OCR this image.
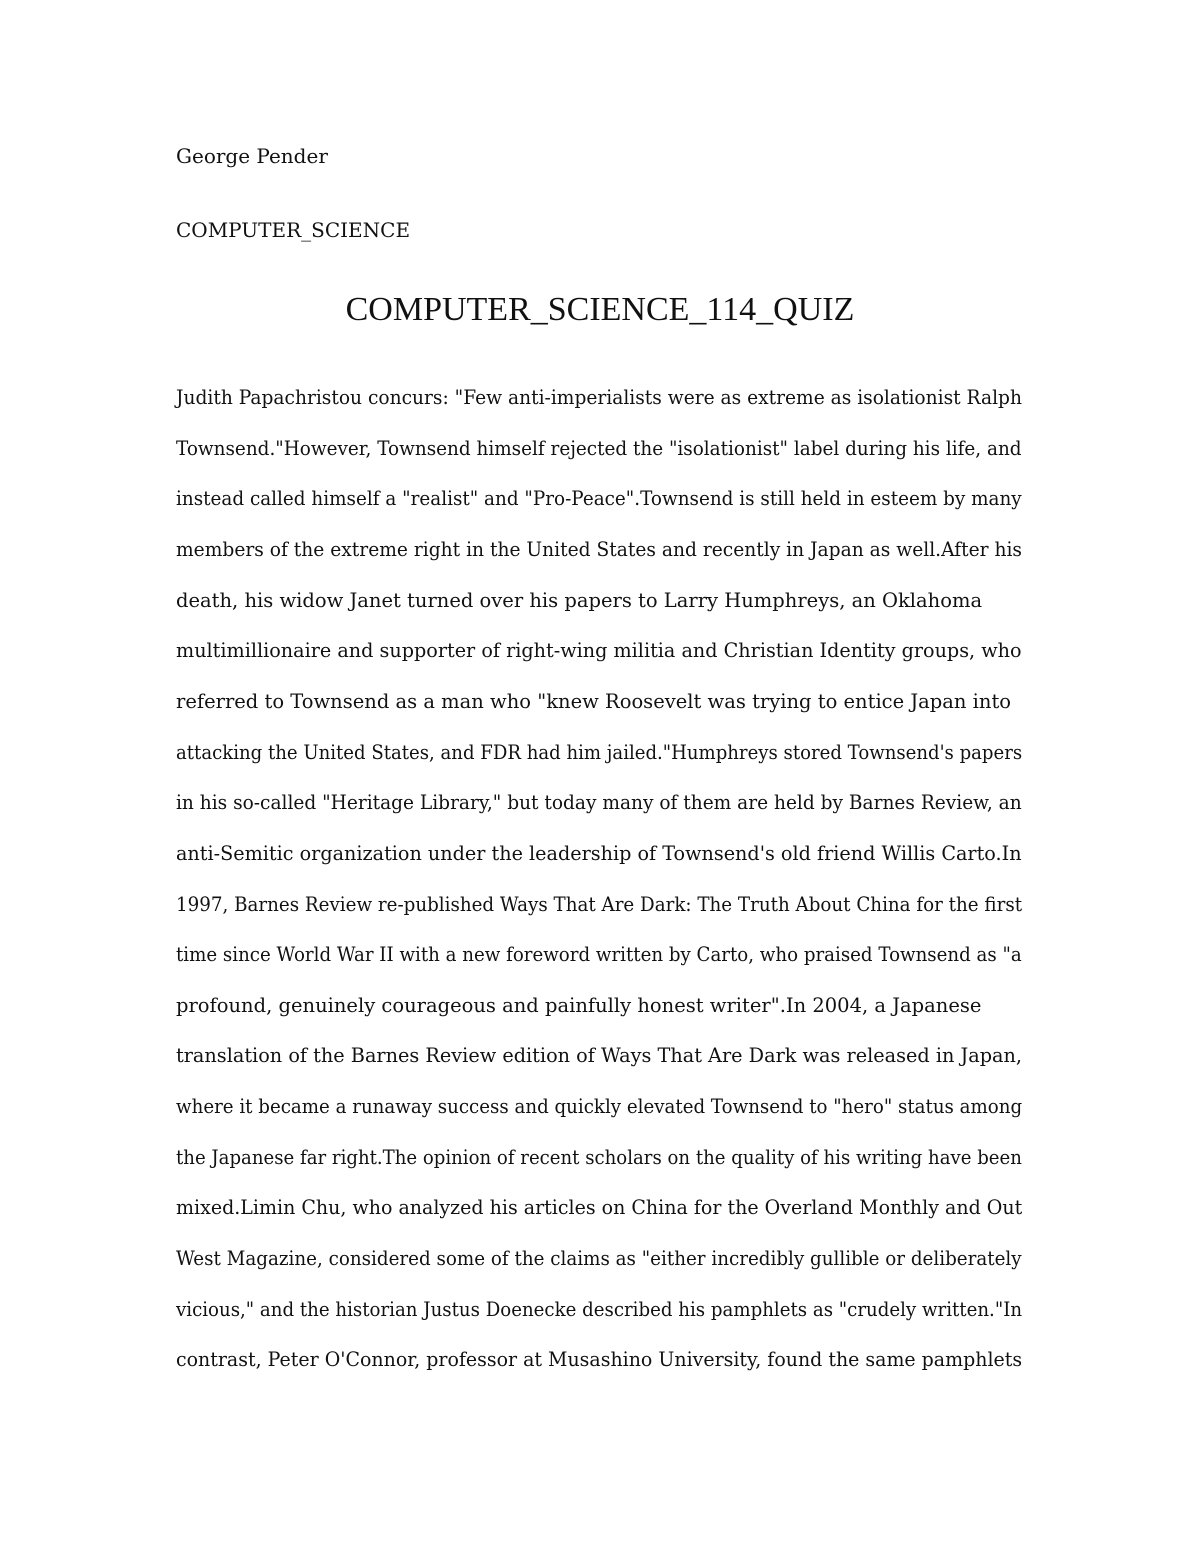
George Pender
COMPUTER_SCIENCE
COMPUTER_SCIENCE_114_QUIZ
Judith Papachristou concurs: "Few anti-imperialists were as extreme as isolationist Ralph
Townsend."However, Townsend himself rejected the "isolationist" label during his life, and
instead called himself a "realist" and "Pro-Peace".Townsend is still held in esteem by many
members of the extreme right in the United States and recently in Japan as well.After his
death, his widow Janet turned over his papers to Larry Humphreys, an Oklahoma
multimillionaire and supporter of right-wing militia and Christian Identity groups, who
referred to Townsend as a man who "knew Roosevelt was trying to entice Japan into
attacking the United States, and FDR had him jailed."Humphreys stored Townsend's papers
in his so-called "Heritage Library," but today many of them are held by Barnes Review, an
anti-Semitic organization under the leadership of Townsend's old friend Willis Carto.In
1997, Barnes Review re-published Ways That Are Dark: The Truth About China for the first
time since World War II with a new foreword written by Carto, who praised Townsend as "a
profound, genuinely courageous and painfully honest writer".In 2004, a Japanese
translation of the Barnes Review edition of Ways That Are Dark was released in Japan,
where it became a runaway success and quickly elevated Townsend to "hero" status among
the Japanese far right.The opinion of recent scholars on the quality of his writing have been
mixed.Limin Chu, who analyzed his articles on China for the Overland Monthly and Out
West Magazine, considered some of the claims as "either incredibly gullible or deliberately
vicious," and the historian Justus Doenecke described his pamphlets as "crudely written."In
contrast, Peter O'Connor, professor at Musashino University, found the same pamphlets
